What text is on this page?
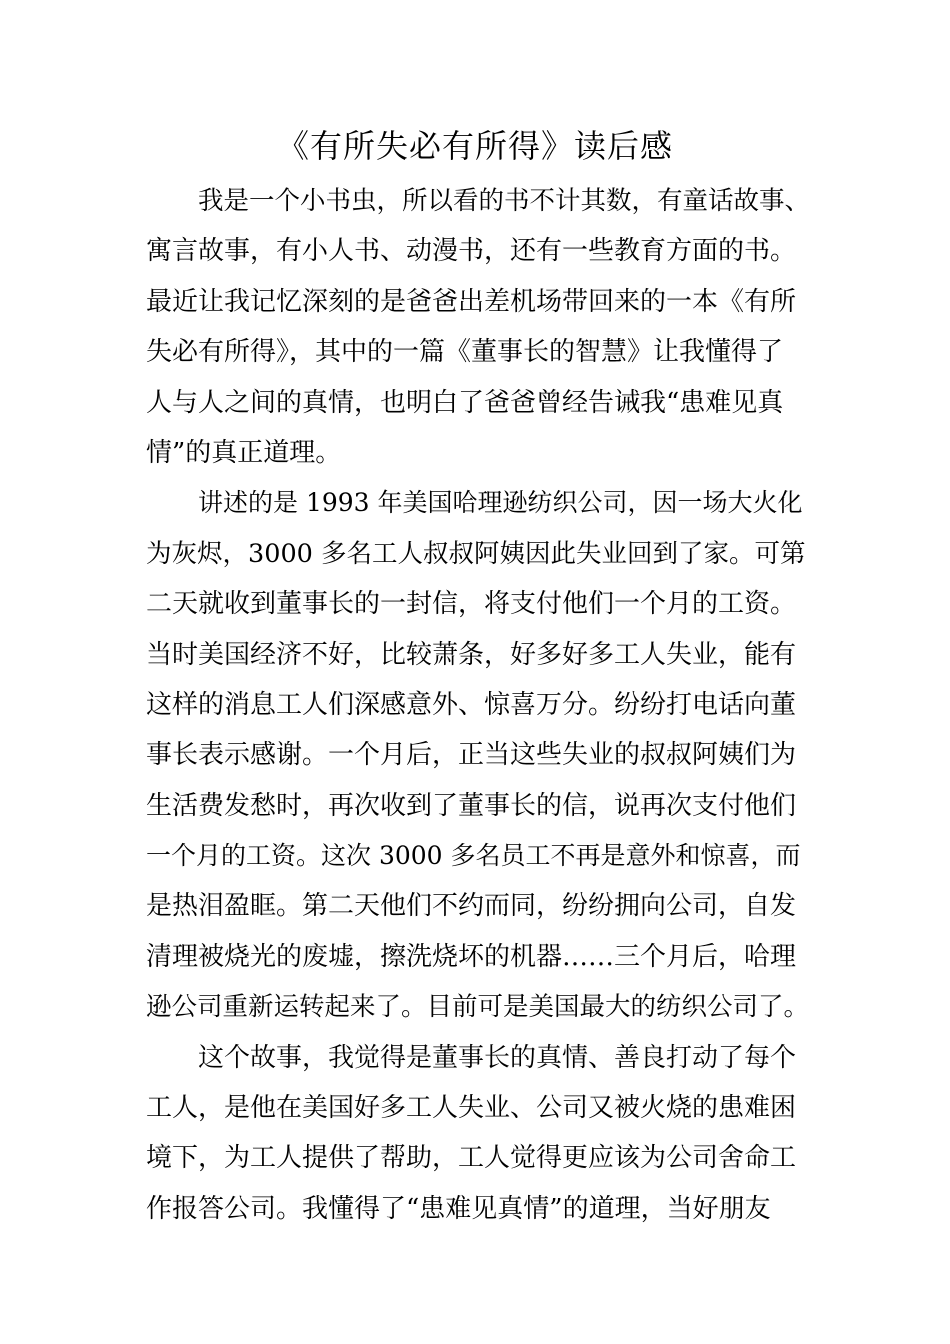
《有所失必有所得》读后感
我是一个小书虫，所以看的书不计其数，有童话故事、
寓言故事，有小人书、动漫书，还有一些教育方面的书。
最近让我记忆深刻的是爸爸出差机场带回来的一本《有所
失必有所得》，其中的一篇《董事长的智慧》让我懂得了
人与人之间的真情，也明白了爸爸曾经告诫我“患难见真
情”的真正道理。
讲述的是 1993 年美国哈理逊纺织公司，因一场大火化
为灰烬，3000 多名工人叔叔阿姨因此失业回到了家。可第
二天就收到董事长的一封信，将支付他们一个月的工资。
当时美国经济不好，比较萧条，好多好多工人失业，能有
这样的消息工人们深感意外、惊喜万分。纷纷打电话向董
事长表示感谢。一个月后，正当这些失业的叔叔阿姨们为
生活费发愁时，再次收到了董事长的信，说再次支付他们
一个月的工资。这次 3000 多名员工不再是意外和惊喜，而
是热泪盈眶。第二天他们不约而同，纷纷拥向公司，自发
清理被烧光的废墟，擦洗烧坏的机器……三个月后，哈理
逊公司重新运转起来了。目前可是美国最大的纺织公司了。
这个故事，我觉得是董事长的真情、善良打动了每个
工人，是他在美国好多工人失业、公司又被火烧的患难困
境下，为工人提供了帮助，工人觉得更应该为公司舍命工
作报答公司。我懂得了“患难见真情”的道理，当好朋友
